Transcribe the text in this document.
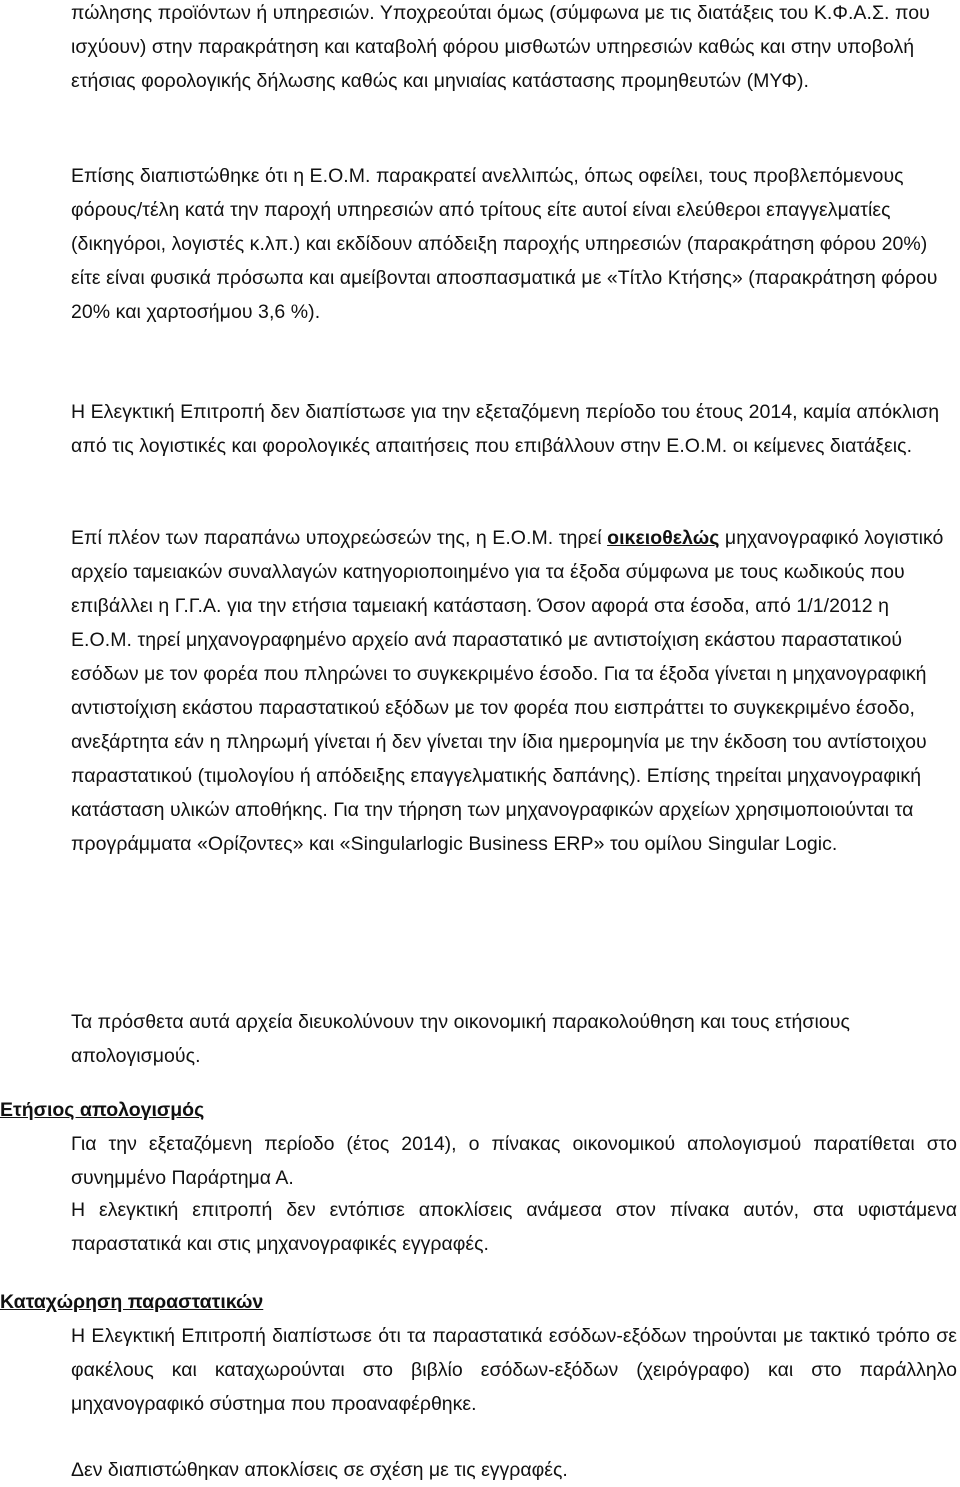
πώλησης προϊόντων ή υπηρεσιών. Υποχρεούται όμως (σύμφωνα με τις διατάξεις του Κ.Φ.Α.Σ. που ισχύουν) στην παρακράτηση και καταβολή φόρου μισθωτών υπηρεσιών καθώς και στην υποβολή ετήσιας φορολογικής δήλωσης καθώς και μηνιαίας κατάστασης προμηθευτών (ΜΥΦ).

Επίσης διαπιστώθηκε ότι η Ε.Ο.Μ. παρακρατεί ανελλιπώς, όπως οφείλει, τους προβλεπόμενους φόρους/τέλη κατά την παροχή υπηρεσιών από τρίτους είτε αυτοί είναι ελεύθεροι επαγγελματίες (δικηγόροι, λογιστές κ.λπ.) και εκδίδουν απόδειξη παροχής υπηρεσιών (παρακράτηση φόρου 20%) είτε είναι φυσικά πρόσωπα και αμείβονται αποσπασματικά με «Τίτλο Κτήσης» (παρακράτηση φόρου 20% και χαρτοσήμου 3,6 %).

Η Ελεγκτική Επιτροπή δεν διαπίστωσε για την εξεταζόμενη περίοδο του έτους 2014, καμία απόκλιση από τις λογιστικές και φορολογικές απαιτήσεις που επιβάλλουν στην Ε.Ο.Μ. οι κείμενες διατάξεις.

Επί πλέον των παραπάνω υποχρεώσεών της, η Ε.Ο.Μ. τηρεί οικειοθελώς μηχανογραφικό λογιστικό αρχείο ταμειακών συναλλαγών κατηγοριοποιημένο για τα έξοδα σύμφωνα με τους κωδικούς που επιβάλλει η Γ.Γ.Α. για την ετήσια ταμειακή κατάσταση. Όσον αφορά στα έσοδα, από 1/1/2012 η Ε.Ο.Μ. τηρεί μηχανογραφημένο αρχείο ανά παραστατικό με αντιστοίχιση εκάστου παραστατικού εσόδων με τον φορέα που πληρώνει το συγκεκριμένο έσοδο. Για τα έξοδα γίνεται η μηχανογραφική αντιστοίχιση εκάστου παραστατικού εξόδων με τον φορέα που εισπράττει το συγκεκριμένο έσοδο, ανεξάρτητα εάν η πληρωμή γίνεται ή δεν γίνεται την ίδια ημερομηνία με την έκδοση του αντίστοιχου παραστατικού (τιμολογίου ή απόδειξης επαγγελματικής δαπάνης). Επίσης τηρείται μηχανογραφική κατάσταση υλικών αποθήκης. Για την τήρηση των μηχανογραφικών αρχείων χρησιμοποιούνται τα προγράμματα «Ορίζοντες» και «Singularlogic Business ERP» του ομίλου Singular Logic.

Τα πρόσθετα αυτά αρχεία διευκολύνουν την οικονομική παρακολούθηση και τους ετήσιους απολογισμούς.

Ετήσιος απολογισμός

Για την εξεταζόμενη περίοδο (έτος 2014), ο πίνακας οικονομικού απολογισμού παρατίθεται στο συνημμένο Παράρτημα Α.

Η ελεγκτική επιτροπή δεν εντόπισε αποκλίσεις ανάμεσα στον πίνακα αυτόν, στα υφιστάμενα παραστατικά και στις μηχανογραφικές εγγραφές.

Καταχώρηση παραστατικών

Η Ελεγκτική Επιτροπή διαπίστωσε ότι τα παραστατικά εσόδων-εξόδων τηρούνται με τακτικό τρόπο σε φακέλους και καταχωρούνται στο βιβλίο εσόδων-εξόδων (χειρόγραφο) και στο παράλληλο μηχανογραφικό σύστημα που προαναφέρθηκε.

Δεν διαπιστώθηκαν αποκλίσεις σε σχέση με τις εγγραφές.
